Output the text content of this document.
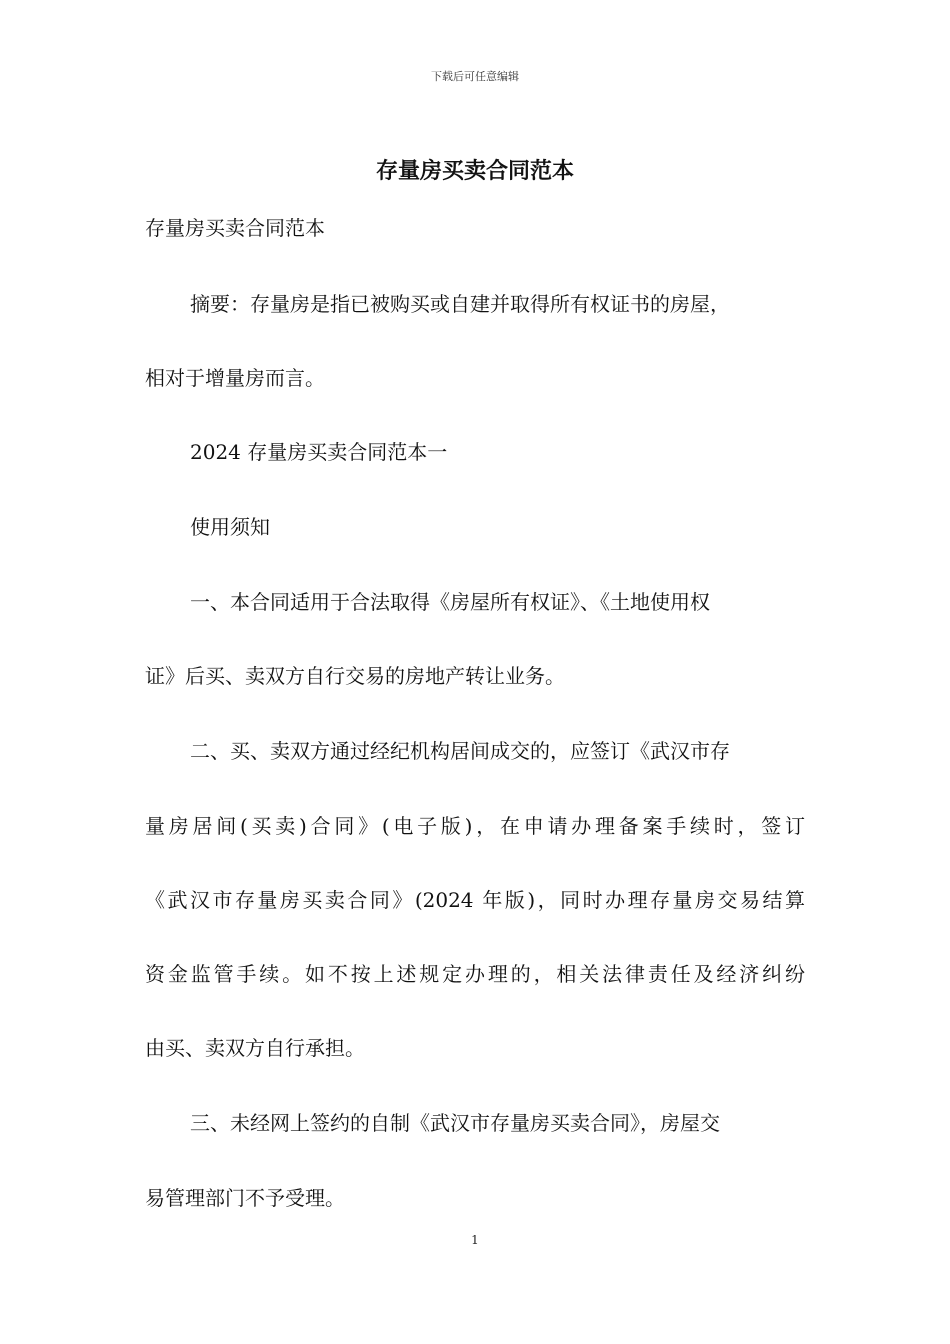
下载后可任意编辑
存量房买卖合同范本
存量房买卖合同范本
摘要：存量房是指已被购买或自建并取得所有权证书的房屋，
相对于增量房而言。
2024 存量房买卖合同范本一
使用须知
一、本合同适用于合法取得《房屋所有权证》、《土地使用权
证》后买、卖双方自行交易的房地产转让业务。
二、买、卖双方通过经纪机构居间成交的，应签订《武汉市存
量房居间(买卖)合同》(电子版)，在申请办理备案手续时，签订
《武汉市存量房买卖合同》(2024 年版)，同时办理存量房交易结算
资金监管手续。如不按上述规定办理的，相关法律责任及经济纠纷
由买、卖双方自行承担。
三、未经网上签约的自制《武汉市存量房买卖合同》，房屋交
易管理部门不予受理。
1
